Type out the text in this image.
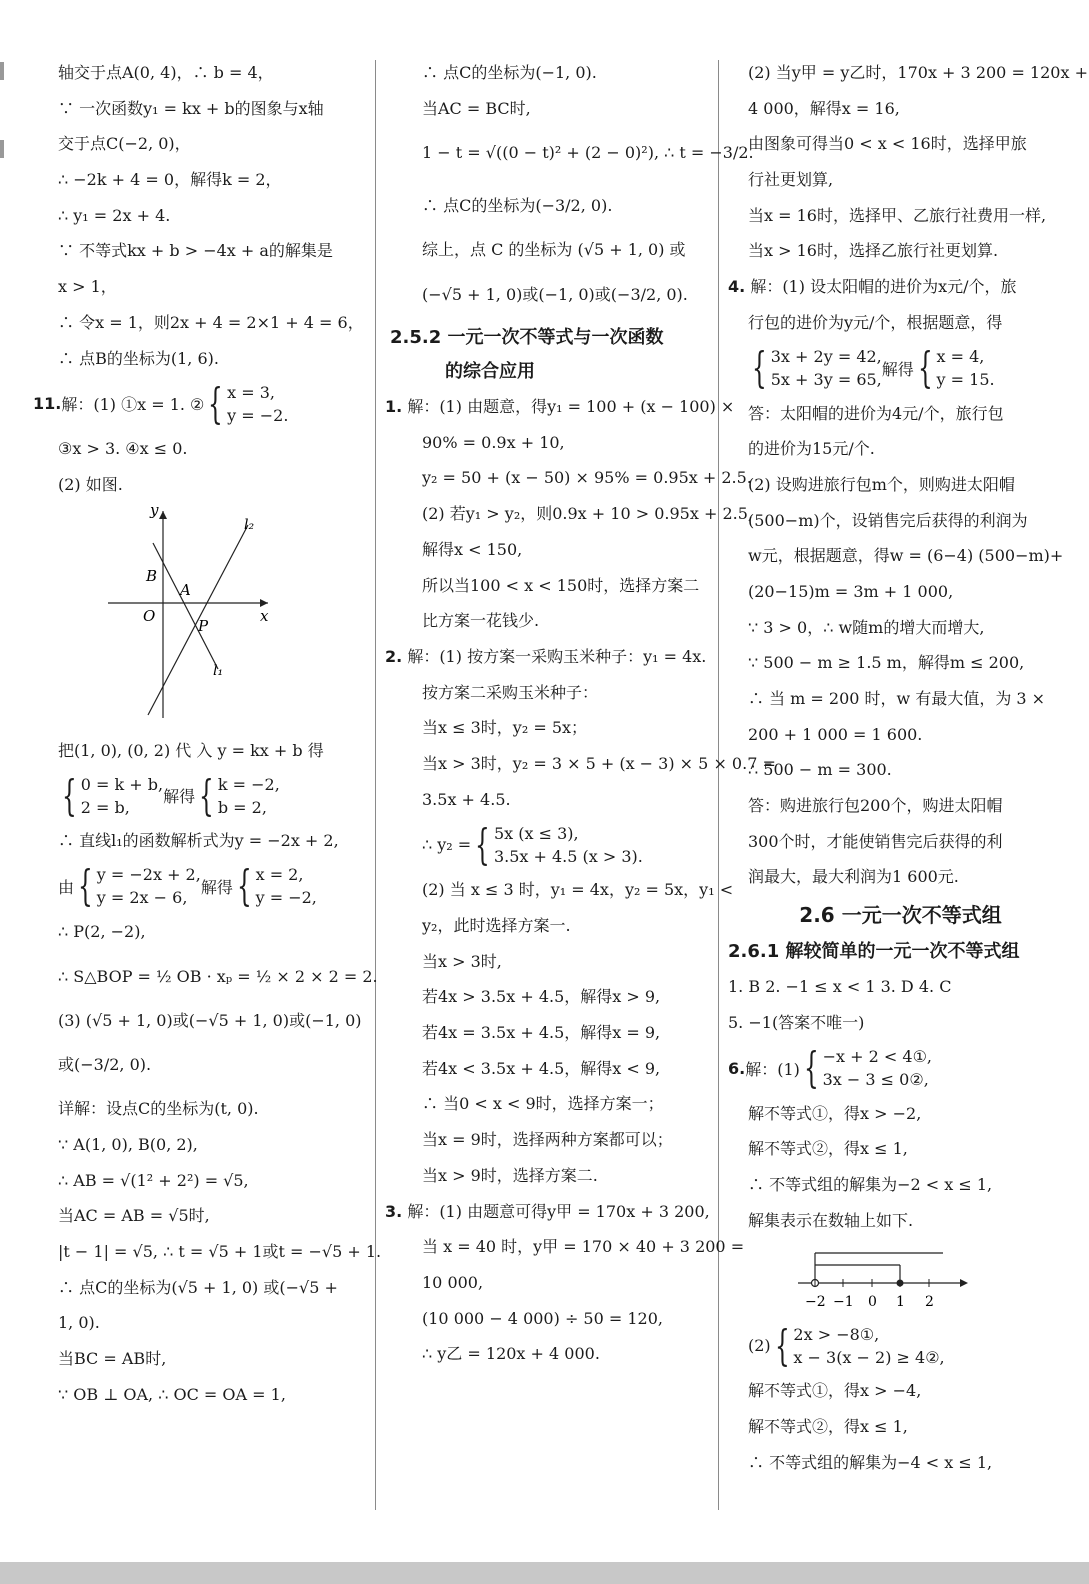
轴交于点A(0, 4)，∴ b = 4，
∵ 一次函数y₁ = kx + b的图象与x轴
交于点C(−2, 0)，
∴ −2k + 4 = 0，解得k = 2，
∴ y₁ = 2x + 4.
∵ 不等式kx + b > −4x + a的解集是
x > 1，
∴ 令x = 1，则2x + 4 = 2×1 + 4 = 6，
∴ 点B的坐标为(1, 6).
11. 解：(1) ①x = 1. ② { x = 3,
y = −2.
③x > 3. ④x ≤ 0.
(2) 如图.
y
x
B
A
O
P
l₁
l₂
把(1, 0), (0, 2) 代 入 y = kx + b 得
{ 0 = k + b,
2 = b,
解得 { k = −2,
b = 2,
∴ 直线l₁的函数解析式为y = −2x + 2,
由 { y = −2x + 2,
y = 2x − 6,
解得 { x = 2,
y = −2,
∴ P(2, −2),
∴ S△BOP = ½ OB · xₚ = ½ × 2 × 2 = 2.
(3) (√5 + 1, 0)或(−√5 + 1, 0)或(−1, 0)
或(−3/2, 0).
详解：设点C的坐标为(t, 0).
∵ A(1, 0), B(0, 2),
∴ AB = √(1² + 2²) = √5,
当AC = AB = √5时,
|t − 1| = √5, ∴ t = √5 + 1或t = −√5 + 1.
∴ 点C的坐标为(√5 + 1, 0) 或(−√5 +
1, 0).
当BC = AB时,
∵ OB ⊥ OA, ∴ OC = OA = 1,
∴ 点C的坐标为(−1, 0).
当AC = BC时,
1 − t = √((0 − t)² + (2 − 0)²), ∴ t = −3/2.
∴ 点C的坐标为(−3/2, 0).
综上，点 C 的坐标为 (√5 + 1, 0) 或
(−√5 + 1, 0)或(−1, 0)或(−3/2, 0).
2.5.2 一元一次不等式与一次函数
的综合应用
1. 解：(1) 由题意，得y₁ = 100 + (x − 100) ×
90% = 0.9x + 10,
y₂ = 50 + (x − 50) × 95% = 0.95x + 2.5.
(2) 若y₁ > y₂，则0.9x + 10 > 0.95x + 2.5,
解得x < 150,
所以当100 < x < 150时，选择方案二
比方案一花钱少.
2. 解：(1) 按方案一采购玉米种子：y₁ = 4x.
按方案二采购玉米种子：
当x ≤ 3时，y₂ = 5x；
当x > 3时，y₂ = 3 × 5 + (x − 3) × 5 × 0.7 =
3.5x + 4.5.
∴ y₂ = { 5x (x ≤ 3),
3.5x + 4.5 (x > 3).
(2) 当 x ≤ 3 时，y₁ = 4x，y₂ = 5x，y₁ <
y₂，此时选择方案一.
当x > 3时,
若4x > 3.5x + 4.5，解得x > 9,
若4x = 3.5x + 4.5，解得x = 9,
若4x < 3.5x + 4.5，解得x < 9,
∴ 当0 < x < 9时，选择方案一；
当x = 9时，选择两种方案都可以；
当x > 9时，选择方案二.
3. 解：(1) 由题意可得y甲 = 170x + 3 200,
当 x = 40 时，y甲 = 170 × 40 + 3 200 =
10 000,
(10 000 − 4 000) ÷ 50 = 120,
∴ y乙 = 120x + 4 000.
(2) 当y甲 = y乙时，170x + 3 200 = 120x +
4 000，解得x = 16,
由图象可得当0 < x < 16时，选择甲旅
行社更划算,
当x = 16时，选择甲、乙旅行社费用一样,
当x > 16时，选择乙旅行社更划算.
4. 解：(1) 设太阳帽的进价为x元/个，旅
行包的进价为y元/个，根据题意，得
{ 3x + 2y = 42,
5x + 3y = 65,
解得 { x = 4,
y = 15.
答：太阳帽的进价为4元/个，旅行包
的进价为15元/个.
(2) 设购进旅行包m个，则购进太阳帽
(500−m)个，设销售完后获得的利润为
w元，根据题意，得w = (6−4) (500−m)+
(20−15)m = 3m + 1 000,
∵ 3 > 0，∴ w随m的增大而增大,
∵ 500 − m ≥ 1.5 m，解得m ≤ 200,
∴ 当 m = 200 时，w 有最大值，为 3 ×
200 + 1 000 = 1 600.
∴ 500 − m = 300.
答：购进旅行包200个，购进太阳帽
300个时，才能使销售完后获得的利
润最大，最大利润为1 600元.
2.6 一元一次不等式组
2.6.1 解较简单的一元一次不等式组
1. B 2. −1 ≤ x < 1 3. D 4. C
5. −1(答案不唯一)
6. 解：(1) { −x + 2 < 4①,
3x − 3 ≤ 0②,
解不等式①，得x > −2,
解不等式②，得x ≤ 1,
∴ 不等式组的解集为−2 < x ≤ 1,
解集表示在数轴上如下.
−2 −1 0 1 2
(2) { 2x > −8①,
x − 3(x − 2) ≥ 4②,
解不等式①，得x > −4,
解不等式②，得x ≤ 1,
∴ 不等式组的解集为−4 < x ≤ 1,
